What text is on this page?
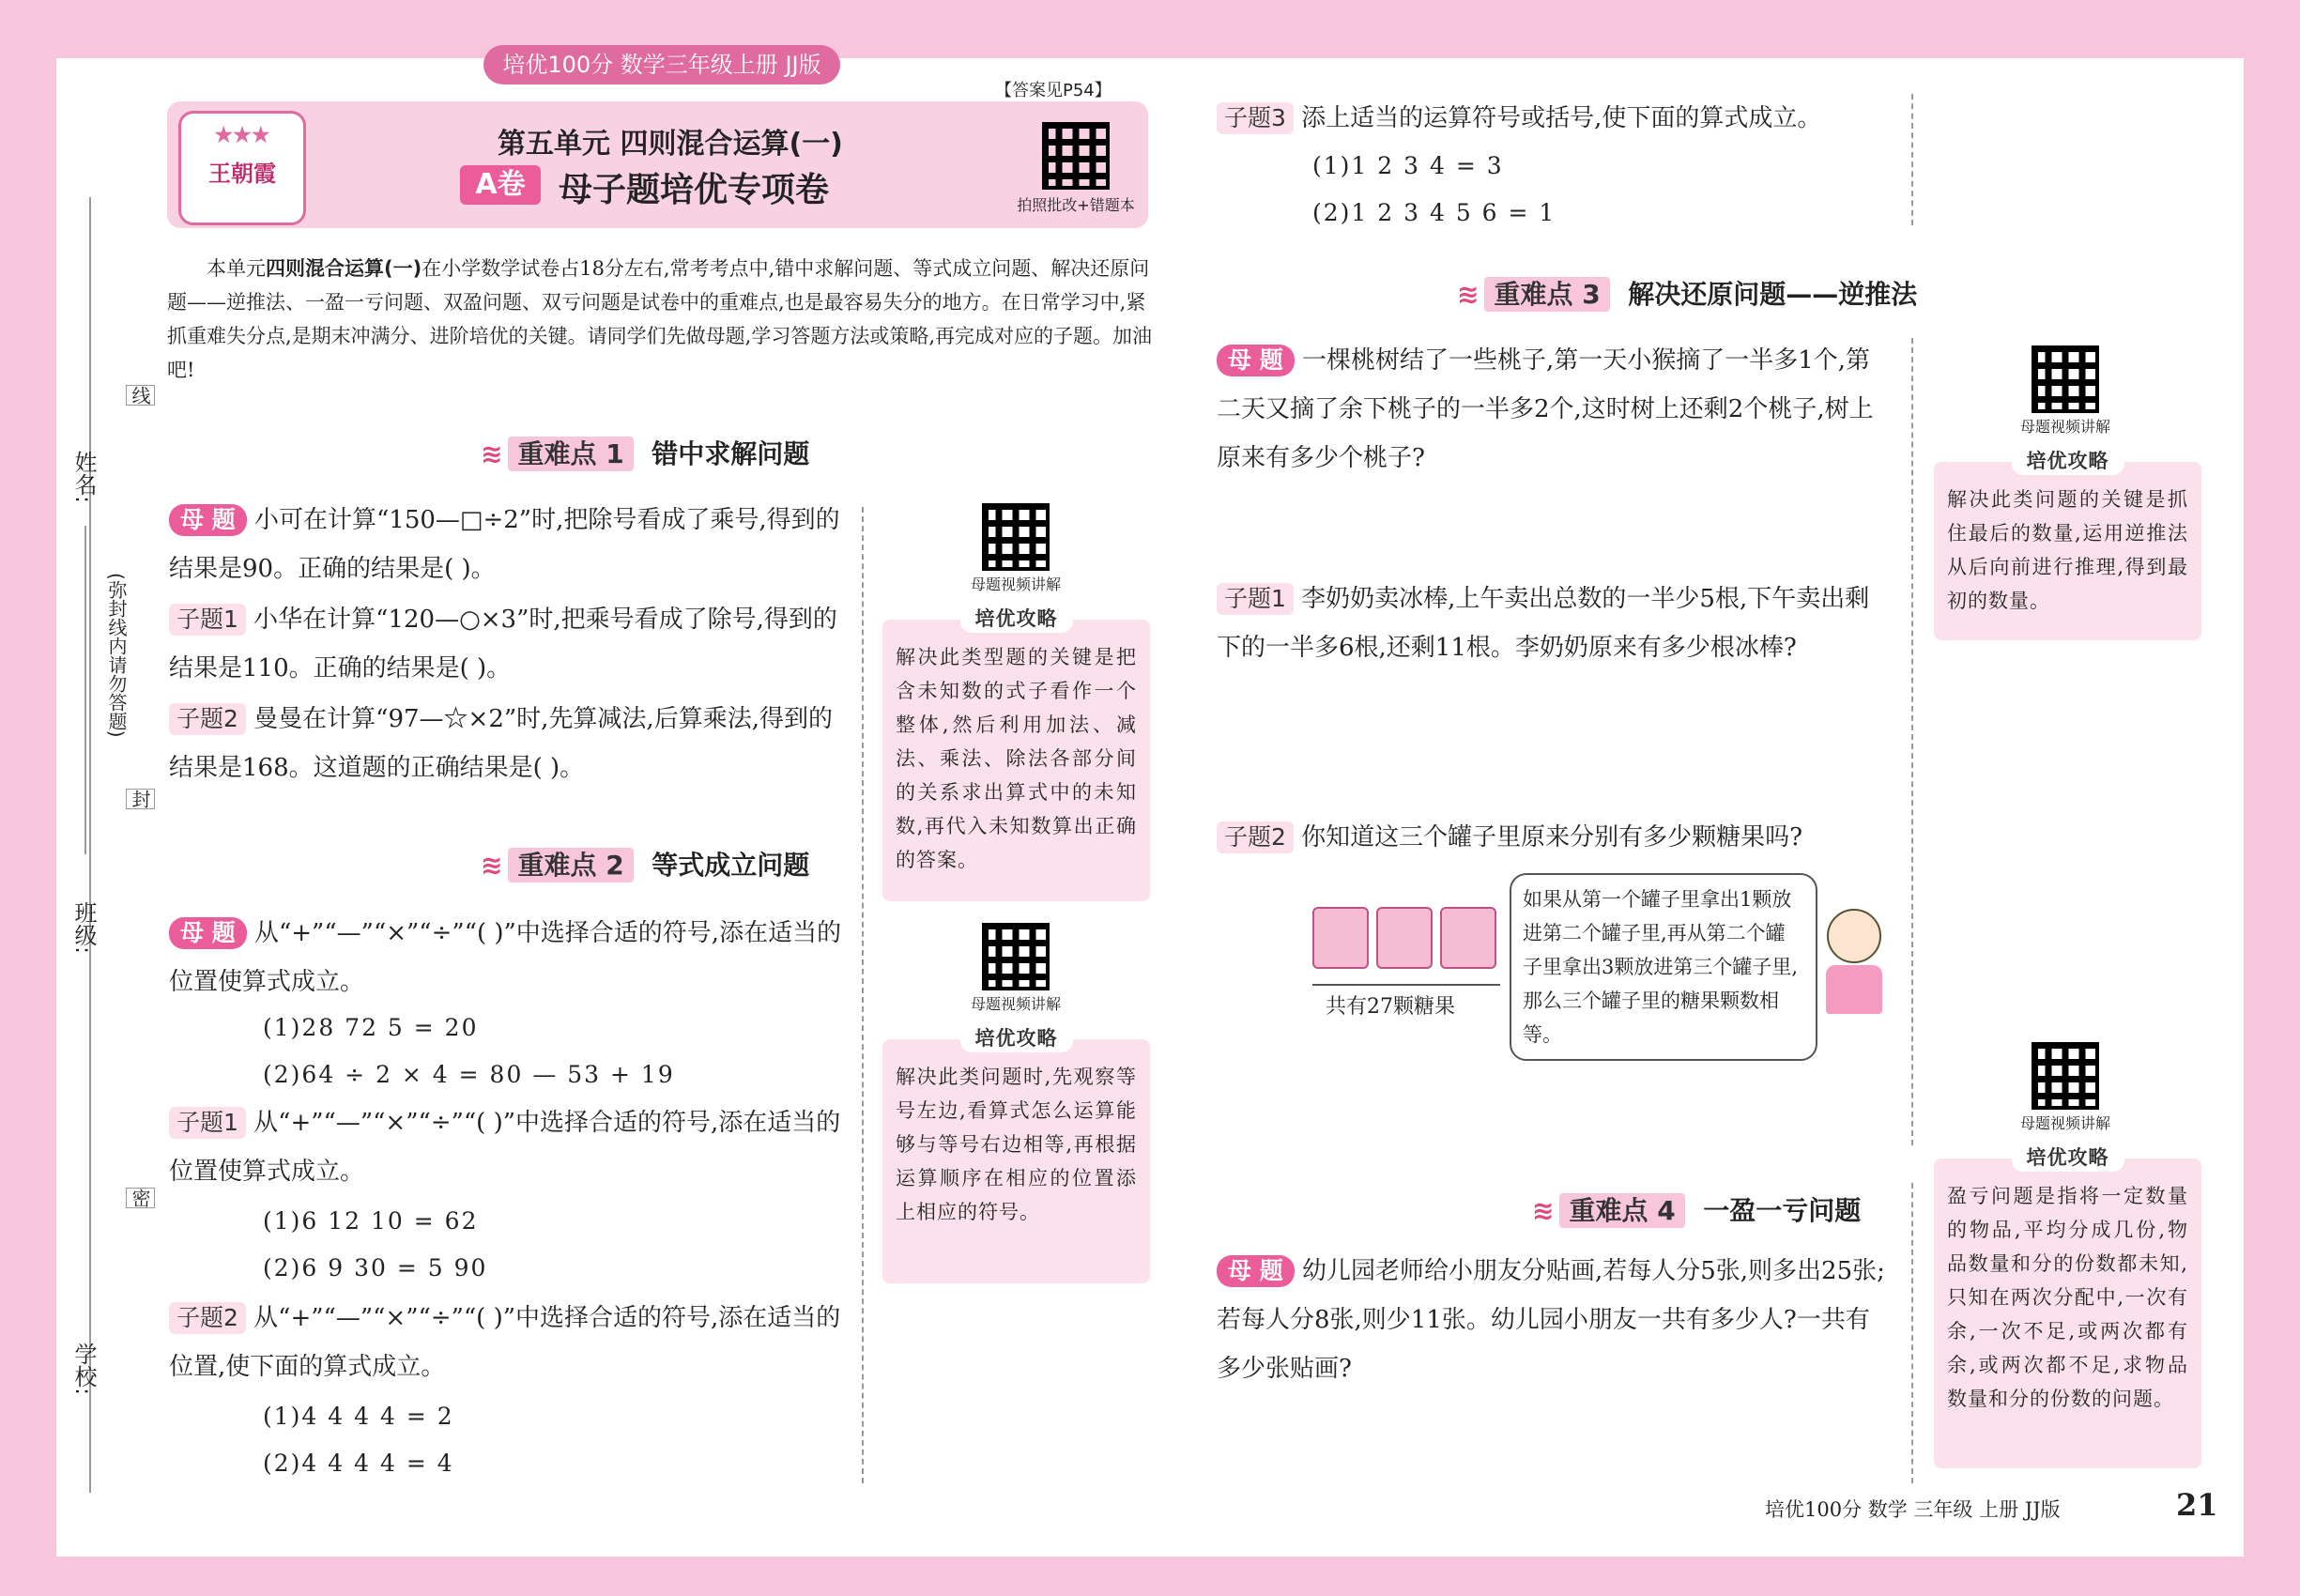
培优100分 数学三年级上册 JJ版
【答案见P54】
★★★
王朝霞
第五单元 四则混合运算(一)
A卷 母子题培优专项卷	拍照批改+错题本
姓名:
班级:
学校:
线
封
密
(弥封线内请勿答题)
本单元四则混合运算(一)在小学数学试卷占18分左右,常考考点中,错中求解问题、等式成立问题、解决还原问题——逆推法、一盈一亏问题、双盈问题、双亏问题是试卷中的重难点,也是最容易失分的地方。在日常学习中,紧抓重难失分点,是期末冲满分、进阶培优的关键。请同学们先做母题,学习答题方法或策略,再完成对应的子题。加油吧!
≋ 重难点 1 错中求解问题
母 题 小可在计算“150—□÷2”时,把除号看成了乘号,得到的结果是90。正确的结果是( )。
子题1 小华在计算“120—○×3”时,把乘号看成了除号,得到的结果是110。正确的结果是( )。
子题2 曼曼在计算“97—☆×2”时,先算减法,后算乘法,得到的结果是168。这道题的正确结果是( )。
母题视频讲解
培优攻略
解决此类型题的关键是把含未知数的式子看作一个整体,然后利用加法、减法、乘法、除法各部分间的关系求出算式中的未知数,再代入未知数算出正确的答案。
≋ 重难点 2 等式成立问题
母 题 从“+”“—”“×”“÷”“( )”中选择合适的符号,添在适当的位置使算式成立。
(1)28 72 5 = 20
(2)64 ÷ 2 × 4 = 80 — 53 + 19
子题1 从“+”“—”“×”“÷”“( )”中选择合适的符号,添在适当的位置使算式成立。
(1)6 12 10 = 62
(2)6 9 30 = 5 90
子题2 从“+”“—”“×”“÷”“( )”中选择合适的符号,添在适当的位置,使下面的算式成立。
(1)4 4 4 4 = 2
(2)4 4 4 4 = 4
母题视频讲解
培优攻略
解决此类问题时,先观察等号左边,看算式怎么运算能够与等号右边相等,再根据运算顺序在相应的位置添上相应的符号。
子题3 添上适当的运算符号或括号,使下面的算式成立。
(1)1 2 3 4 = 3
(2)1 2 3 4 5 6 = 1
≋ 重难点 3 解决还原问题——逆推法
母 题 一棵桃树结了一些桃子,第一天小猴摘了一半多1个,第二天又摘了余下桃子的一半多2个,这时树上还剩2个桃子,树上原来有多少个桃子?
子题1 李奶奶卖冰棒,上午卖出总数的一半少5根,下午卖出剩下的一半多6根,还剩11根。李奶奶原来有多少根冰棒?
子题2 你知道这三个罐子里原来分别有多少颗糖果吗?
共有27颗糖果
如果从第一个罐子里拿出1颗放进第二个罐子里,再从第二个罐子里拿出3颗放进第三个罐子里,那么三个罐子里的糖果颗数相等。
母题视频讲解
培优攻略
解决此类问题的关键是抓住最后的数量,运用逆推法从后向前进行推理,得到最初的数量。
≋ 重难点 4 一盈一亏问题
母 题 幼儿园老师给小朋友分贴画,若每人分5张,则多出25张;若每人分8张,则少11张。幼儿园小朋友一共有多少人?一共有多少张贴画?
母题视频讲解
培优攻略
盈亏问题是指将一定数量的物品,平均分成几份,物品数量和分的份数都未知,只知在两次分配中,一次有余,一次不足,或两次都有余,或两次都不足,求物品数量和分的份数的问题。
培优100分 数学 三年级 上册 JJ版	21
